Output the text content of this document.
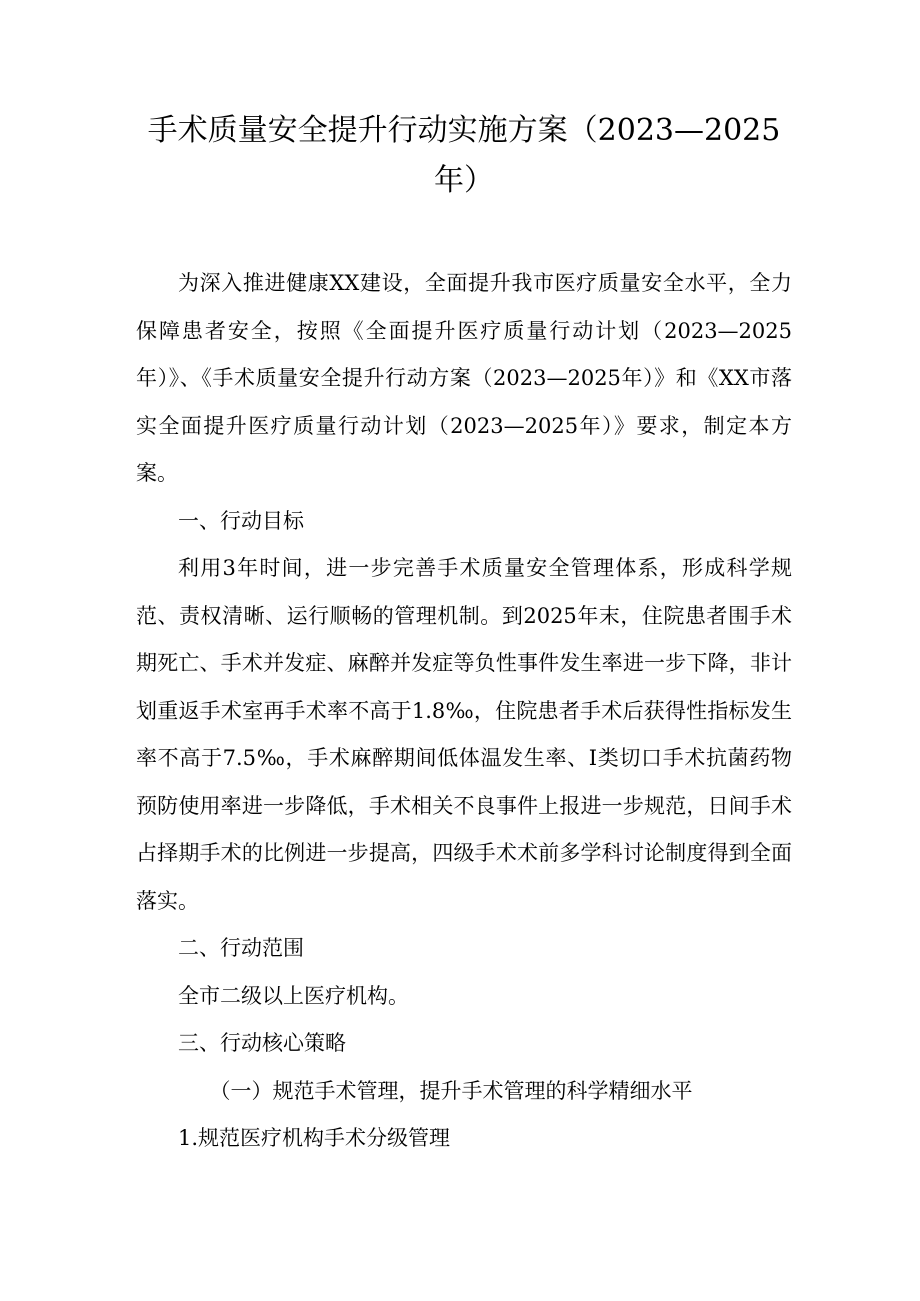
手术质量安全提升行动实施方案（2023—2025年）

为深入推进健康XX建设，全面提升我市医疗质量安全水平，全力保障患者安全，按照《全面提升医疗质量行动计划（2023—2025年）》、《手术质量安全提升行动方案（2023—2025年）》和《XX市落实全面提升医疗质量行动计划（2023—2025年）》要求，制定本方案。

一、行动目标

利用3年时间，进一步完善手术质量安全管理体系，形成科学规范、责权清晰、运行顺畅的管理机制。到2025年末，住院患者围手术期死亡、手术并发症、麻醉并发症等负性事件发生率进一步下降，非计划重返手术室再手术率不高于1.8‰，住院患者手术后获得性指标发生率不高于7.5‰，手术麻醉期间低体温发生率、I类切口手术抗菌药物预防使用率进一步降低，手术相关不良事件上报进一步规范，日间手术占择期手术的比例进一步提高，四级手术术前多学科讨论制度得到全面落实。

二、行动范围

全市二级以上医疗机构。

三、行动核心策略

（一）规范手术管理，提升手术管理的科学精细水平

1.规范医疗机构手术分级管理
